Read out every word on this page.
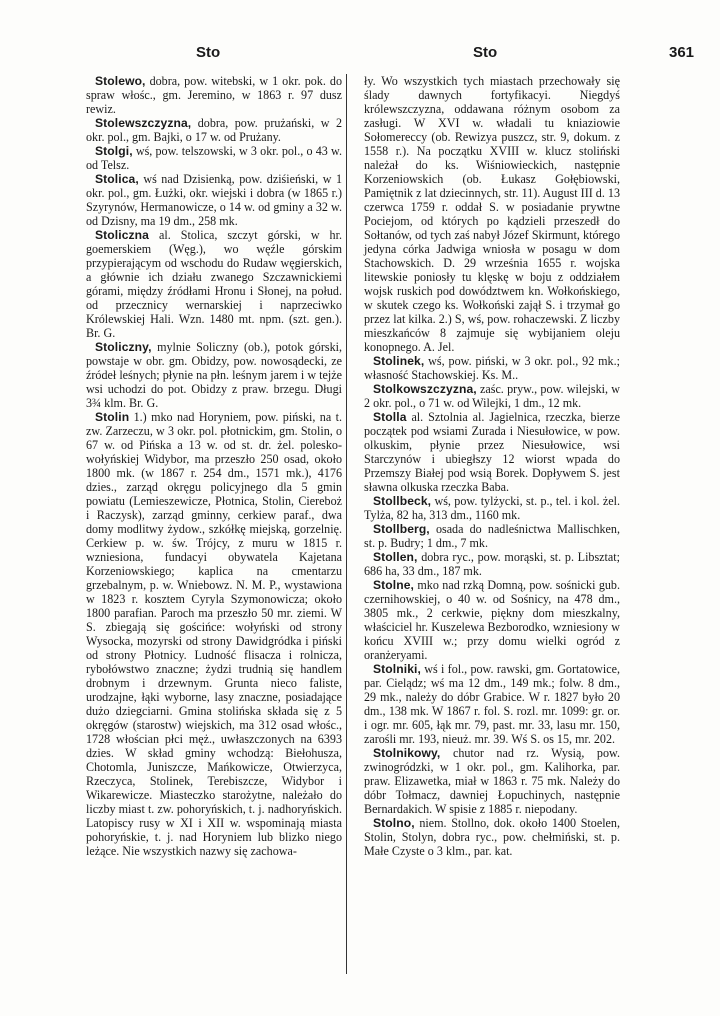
Sto	Sto	361

Stolewo, dobra, pow. witebski, w 1 okr. pok. do spraw włośc., gm. Jeremino, w 1863 r. 97 dusz rewiz.

Stolewszczyzna, dobra, pow. prużański, w 2 okr. pol., gm. Bajki, o 17 w. od Prużany.

Stolgi, wś, pow. telszowski, w 3 okr. pol., o 43 w. od Telsz.

Stolica, wś nad Dzisienką, pow. dziśieński, w 1 okr. pol., gm. Łużki, okr. wiejski i dobra (w 1865 r.) Szyrynów, Hermanowicze, o 14 w. od gminy a 32 w. od Dzisny, ma 19 dm., 258 mk.

Stoliczna al. Stolica, szczyt górski, w hr. goemerskiem (Węg.), wo węźle górskim przypierającym od wschodu do Rudaw węgierskich, a głównie ich działu zwanego Szczawnickiemi górami, między źródłami Hronu i Słonej, na połud. od przecznicy wernarskiej i naprzeciwko Królewskiej Hali. Wzn. 1480 mt. npm. (szt. gen.). Br. G.

Stoliczny, mylnie Soliczny (ob.), potok górski, powstaje w obr. gm. Obidzy, pow. nowosądecki, ze źródeł leśnych; płynie na płn. leśnym jarem i w tejże wsi uchodzi do pot. Obidzy z praw. brzegu. Długi 3¾ klm. Br. G.

Stolin 1.) mko nad Horyniem, pow. piński, na t. zw. Zarzeczu, w 3 okr. pol. płotnickim, gm. Stolin, o 67 w. od Pińska a 13 w. od st. dr. żel. polesko-wołyńskiej Widybor, ma przeszło 250 osad, około 1800 mk. (w 1867 r. 254 dm., 1571 mk.), 4176 dzies., zarząd okręgu policyjnego dla 5 gmin powiatu (Lemieszewicze, Płotnica, Stolin, Ciereboż i Raczysk), zarząd gminny, cerkiew paraf., dwa domy modlitwy żydow., szkółkę miejską, gorzelnię. Cerkiew p. w. św. Trójcy, z muru w 1815 r. wzniesiona, fundacyi obywatela Kajetana Korzeniowskiego; kaplica na cmentarzu grzebalnym, p. w. Wniebowz. N. M. P., wystawiona w 1823 r. kosztem Cyryla Szymonowicza; około 1800 parafian. Paroch ma przeszło 50 mr. ziemi. W S. zbiegają się gościńce: wołyński od strony Wysocka, mozyrski od strony Dawidgródka i piński od strony Płotnicy. Ludność flisacza i rolnicza, rybołówstwo znaczne; żydzi trudnią się handlem drobnym i drzewnym. Grunta nieco faliste, urodzajne, łąki wyborne, lasy znaczne, posiadające dużo dziegciarni. Gmina stolińska składa się z 5 okręgów (starostw) wiejskich, ma 312 osad włośc., 1728 włościan płci męż., uwłaszczonych na 6393 dzies. W skład gminy wchodzą: Biełohusza, Chotomla, Juniszcze, Mańkowicze, Otwierzyca, Rzeczyca, Stolinek, Terebiszcze, Widybor i Wikarewicze. Miasteczko starożytne, należało do liczby miast t. zw. pohoryńskich, t. j. nadhoryńskich. Latopiscy rusy w XI i XII w. wspominają miasta pohoryńskie, t. j. nad Horyniem lub blizko niego leżące. Nie wszystkich nazwy się zachowa-

ły. Wo wszystkich tych miastach przechowały się ślady dawnych fortyfikacyi. Niegdyś królewszczyzna, oddawana różnym osobom za zasługi. W XVI w. władali tu kniaziowie Sołomereccy (ob. Rewizya puszcz, str. 9, dokum. z 1558 r.). Na początku XVIII w. klucz stoliński należał do ks. Wiśniowieckich, następnie Korzeniowskich (ob. Łukasz Gołębiowski, Pamiętnik z lat dziecinnych, str. 11). August III d. 13 czerwca 1759 r. oddał S. w posiadanie prywtne Pociejom, od których po kądzieli przeszedł do Sołtanów, od tych zaś nabył Józef Skirmunt, którego jedyna córka Jadwiga wniosła w posagu w dom Stachowskich. D. 29 września 1655 r. wojska litewskie poniosły tu klęskę w boju z oddziałem wojsk ruskich pod dowództwem kn. Wołkońskiego, w skutek czego ks. Wołkoński zajął S. i trzymał go przez lat kilka. 2.) S, wś, pow. rohaczewski. Z liczby mieszkańców 8 zajmuje się wybijaniem oleju konopnego. A. Jel.

Stolinek, wś, pow. piński, w 3 okr. pol., 92 mk.; własność Stachowskiej. Ks. M..

Stolkowszczyzna, zaśc. pryw., pow. wilejski, w 2 okr. pol., o 71 w. od Wilejki, 1 dm., 12 mk.

Stolla al. Sztolnia al. Jagielnica, rzeczka, bierze początek pod wsiami Zurada i Niesułowice, w pow. olkuskim, płynie przez Niesułowice, wsi Starczynów i ubiegłszy 12 wiorst wpada do Przemszy Białej pod wsią Borek. Dopływem S. jest sławna olkuska rzeczka Baba.

Stollbeck, wś, pow. tylżycki, st. p., tel. i kol. żel. Tylża, 82 ha, 313 dm., 1160 mk.

Stollberg, osada do nadleśnictwa Mallischken, st. p. Budry; 1 dm., 7 mk.

Stollen, dobra ryc., pow. morąski, st. p. Libsztat; 686 ha, 33 dm., 187 mk.

Stolne, mko nad rzką Domną, pow. sośnicki gub. czernihowskiej, o 40 w. od Sośnicy, na 478 dm., 3805 mk., 2 cerkwie, piękny dom mieszkalny, właściciel hr. Kuszelewa Bezborodko, wzniesiony w końcu XVIII w.; przy domu wielki ogród z oranżeryami.

Stolniki, wś i fol., pow. rawski, gm. Gortatowice, par. Cielądz; wś ma 12 dm., 149 mk.; folw. 8 dm., 29 mk., należy do dóbr Grabice. W r. 1827 było 20 dm., 138 mk. W 1867 r. fol. S. rozl. mr. 1099: gr. or. i ogr. mr. 605, łąk mr. 79, past. mr. 33, lasu mr. 150, zarośli mr. 193, nieuż. mr. 39. Wś S. os 15, mr. 202.

Stolnikowy, chutor nad rz. Wysią, pow. zwinogródzki, w 1 okr. pol., gm. Kalihorka, par. praw. Elizawetka, miał w 1863 r. 75 mk. Należy do dóbr Tołmacz, dawniej Łopuchinych, następnie Bernardakich. W spisie z 1885 r. niepodany.

Stolno, niem. Stollno, dok. około 1400 Stoelen, Stolin, Stolyn, dobra ryc., pow. chełmiński, st. p. Małe Czyste o 3 klm., par. kat.
